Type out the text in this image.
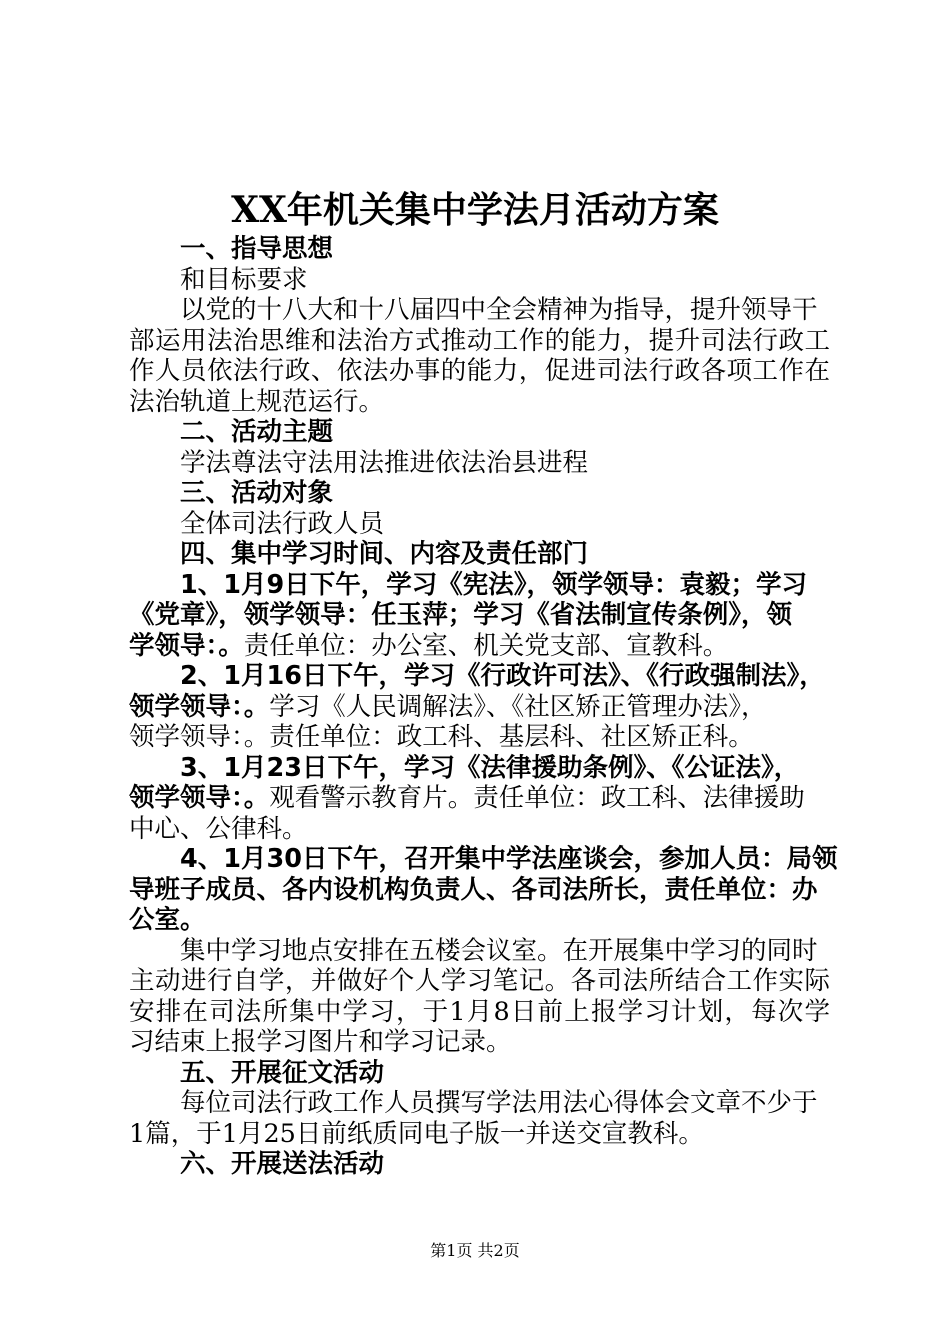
XX年机关集中学法月活动方案

一、指导思想

和目标要求

以党的十八大和十八届四中全会精神为指导，提升领导干

部运用法治思维和法治方式推动工作的能力，提升司法行政工

作人员依法行政、依法办事的能力，促进司法行政各项工作在

法治轨道上规范运行。

二、活动主题

学法尊法守法用法推进依法治县进程

三、活动对象

全体司法行政人员

四、集中学习时间、内容及责任部门

1、1月9日下午，学习《宪法》，领学领导：袁毅；学习

《党章》，领学领导：任玉萍；学习《省法制宣传条例》，领

学领导：。责任单位：办公室、机关党支部、宣教科。

2、1月16日下午，学习《行政许可法》、《行政强制法》，

领学领导：。学习《人民调解法》、《社区矫正管理办法》，

领学领导：。责任单位：政工科、基层科、社区矫正科。

3、1月23日下午，学习《法律援助条例》、《公证法》，

领学领导：。观看警示教育片。责任单位：政工科、法律援助

中心、公律科。

4、1月30日下午，召开集中学法座谈会，参加人员：局领

导班子成员、各内设机构负责人、各司法所长，责任单位：办

公室。

集中学习地点安排在五楼会议室。在开展集中学习的同时

主动进行自学，并做好个人学习笔记。各司法所结合工作实际

安排在司法所集中学习，于1月8日前上报学习计划，每次学

习结束上报学习图片和学习记录。

五、开展征文活动

每位司法行政工作人员撰写学法用法心得体会文章不少于

1篇，于1月25日前纸质同电子版一并送交宣教科。

六、开展送法活动

第1页 共2页
